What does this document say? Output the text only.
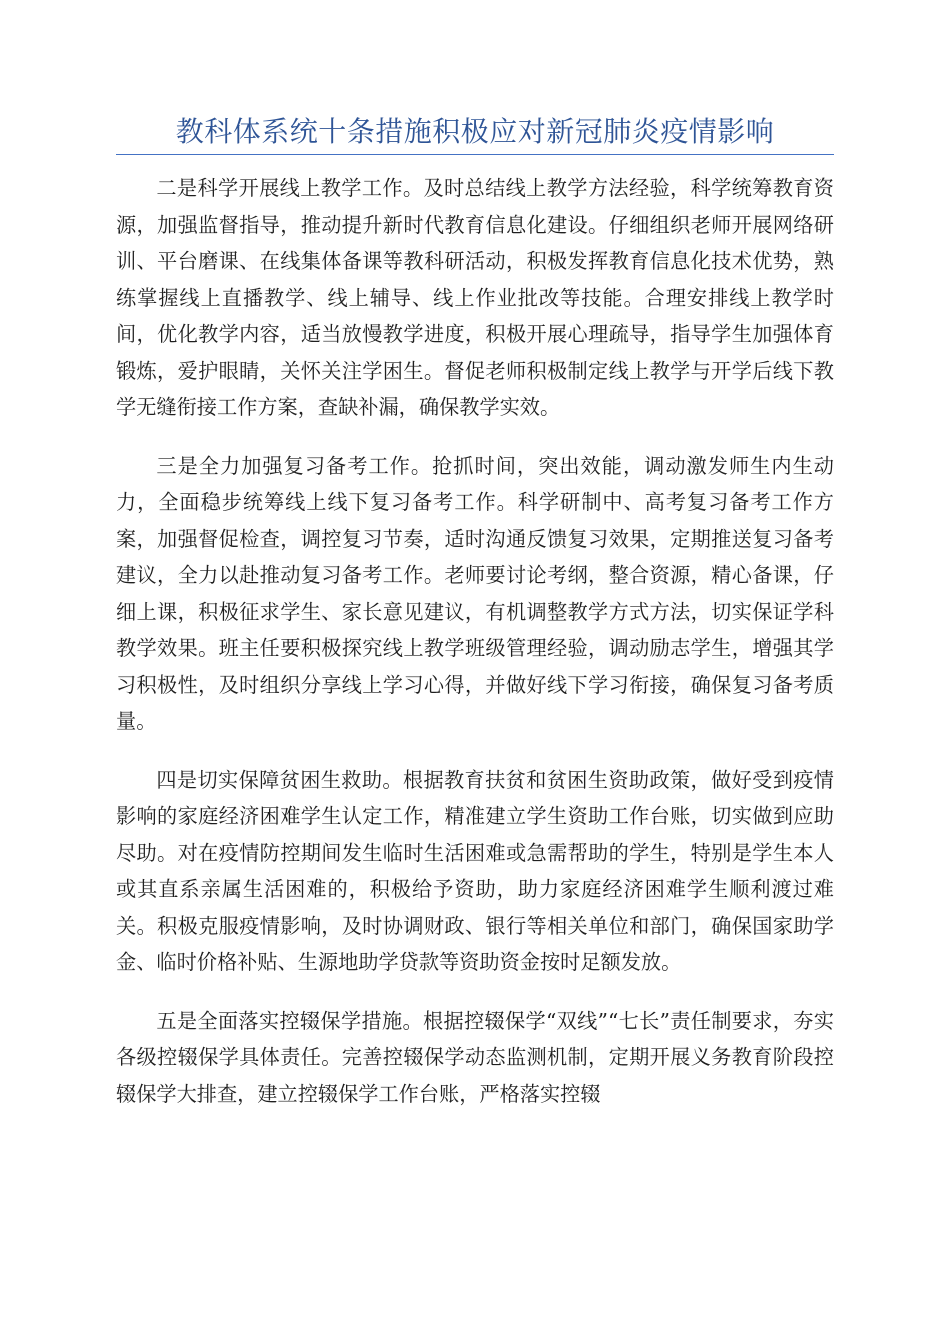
教科体系统十条措施积极应对新冠肺炎疫情影响

二是科学开展线上教学工作。及时总结线上教学方法经验，科学统筹教育资源，加强监督指导，推动提升新时代教育信息化建设。仔细组织老师开展网络研训、平台磨课、在线集体备课等教科研活动，积极发挥教育信息化技术优势，熟练掌握线上直播教学、线上辅导、线上作业批改等技能。合理安排线上教学时间，优化教学内容，适当放慢教学进度，积极开展心理疏导，指导学生加强体育锻炼，爱护眼睛，关怀关注学困生。督促老师积极制定线上教学与开学后线下教学无缝衔接工作方案，查缺补漏，确保教学实效。

三是全力加强复习备考工作。抢抓时间，突出效能，调动激发师生内生动力，全面稳步统筹线上线下复习备考工作。科学研制中、高考复习备考工作方案，加强督促检查，调控复习节奏，适时沟通反馈复习效果，定期推送复习备考建议，全力以赴推动复习备考工作。老师要讨论考纲，整合资源，精心备课，仔细上课，积极征求学生、家长意见建议，有机调整教学方式方法，切实保证学科教学效果。班主任要积极探究线上教学班级管理经验，调动励志学生，增强其学习积极性，及时组织分享线上学习心得，并做好线下学习衔接，确保复习备考质量。

四是切实保障贫困生救助。根据教育扶贫和贫困生资助政策，做好受到疫情影响的家庭经济困难学生认定工作，精准建立学生资助工作台账，切实做到应助尽助。对在疫情防控期间发生临时生活困难或急需帮助的学生，特别是学生本人或其直系亲属生活困难的，积极给予资助，助力家庭经济困难学生顺利渡过难关。积极克服疫情影响，及时协调财政、银行等相关单位和部门，确保国家助学金、临时价格补贴、生源地助学贷款等资助资金按时足额发放。

五是全面落实控辍保学措施。根据控辍保学“双线”“七长”责任制要求，夯实各级控辍保学具体责任。完善控辍保学动态监测机制，定期开展义务教育阶段控辍保学大排查，建立控辍保学工作台账，严格落实控辍
